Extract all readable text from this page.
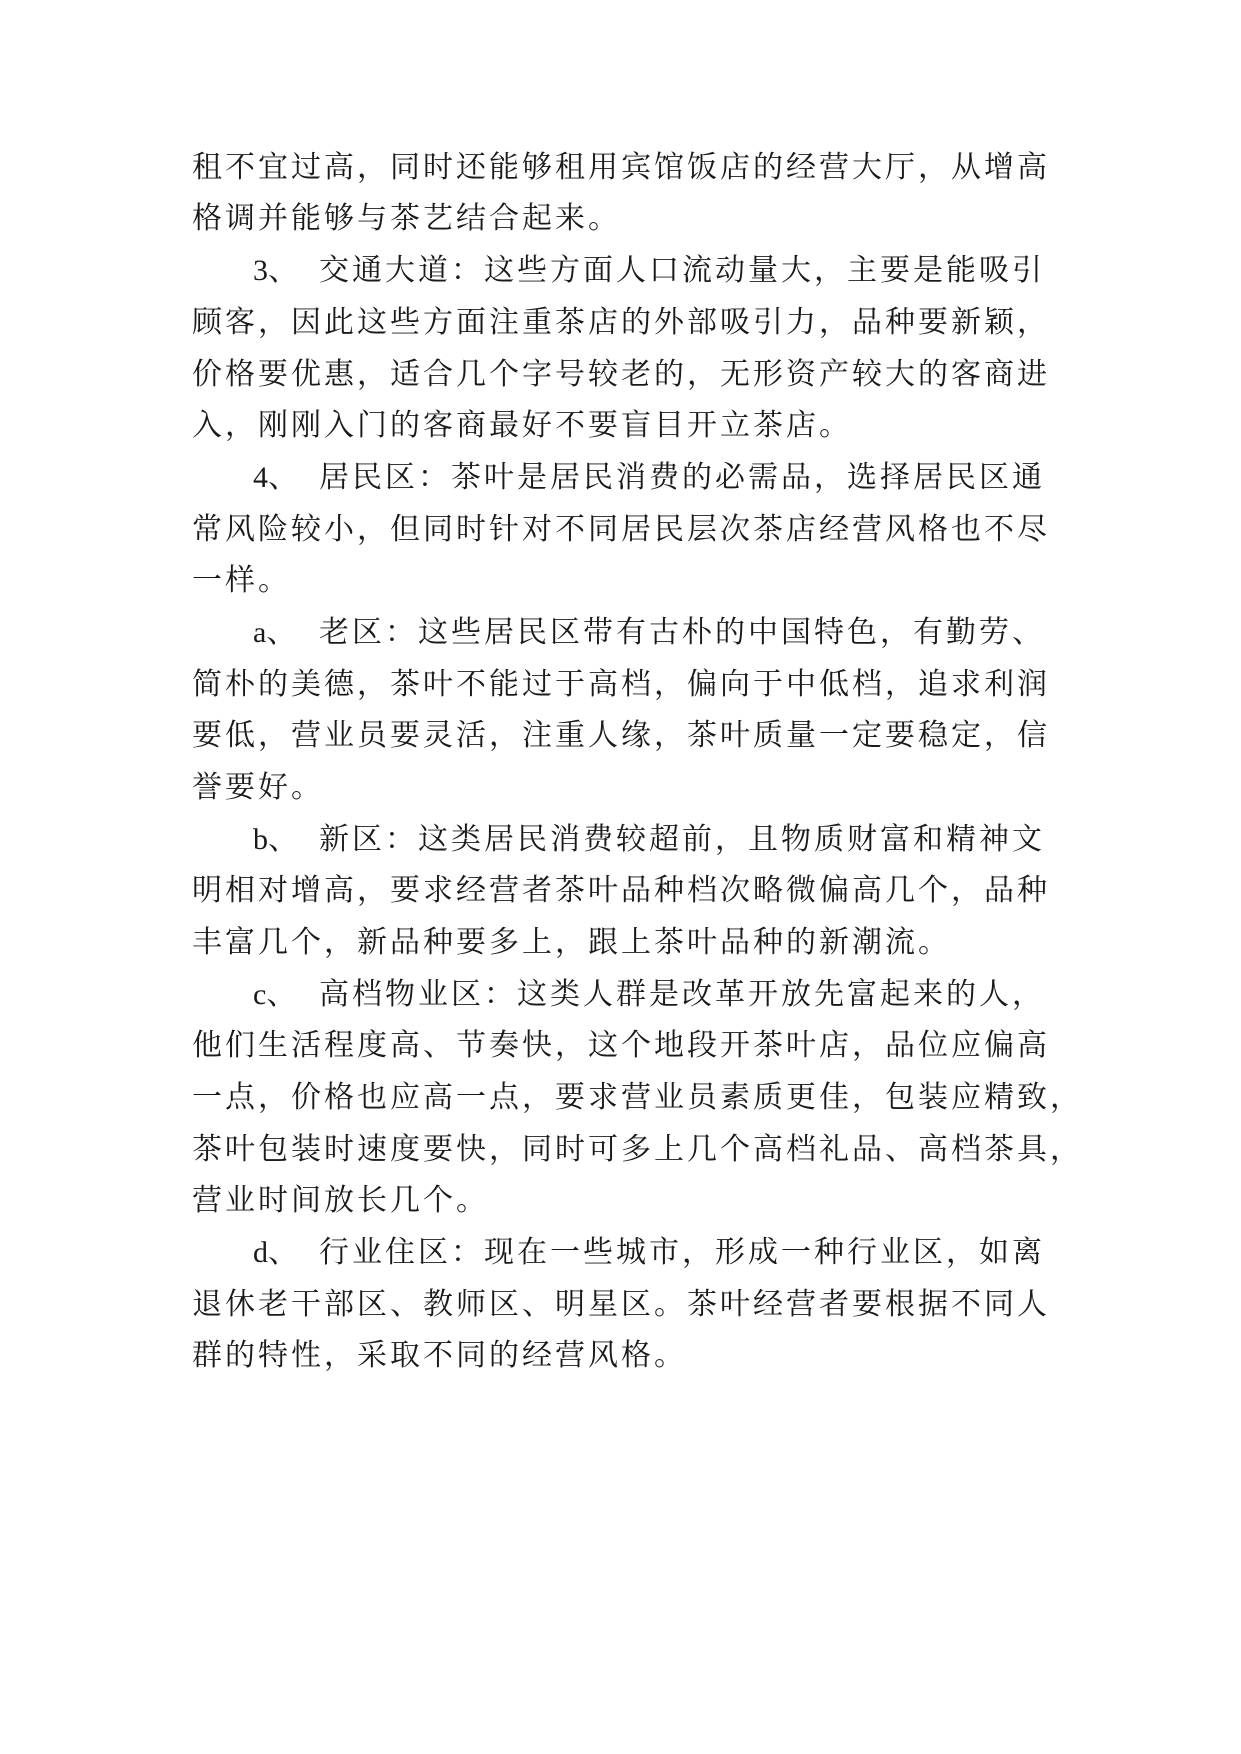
租不宜过高，同时还能够租用宾馆饭店的经营大厅，从增高

格调并能够与茶艺结合起来。

3、 交通大道：这些方面人口流动量大，主要是能吸引

顾客，因此这些方面注重茶店的外部吸引力，品种要新颖，

价格要优惠，适合几个字号较老的，无形资产较大的客商进

入，刚刚入门的客商最好不要盲目开立茶店。

4、 居民区：茶叶是居民消费的必需品，选择居民区通

常风险较小，但同时针对不同居民层次茶店经营风格也不尽

一样。

a、 老区：这些居民区带有古朴的中国特色，有勤劳、

简朴的美德，茶叶不能过于高档，偏向于中低档，追求利润

要低，营业员要灵活，注重人缘，茶叶质量一定要稳定，信

誉要好。

b、 新区：这类居民消费较超前，且物质财富和精神文

明相对增高，要求经营者茶叶品种档次略微偏高几个，品种

丰富几个，新品种要多上，跟上茶叶品种的新潮流。

c、 高档物业区：这类人群是改革开放先富起来的人，

他们生活程度高、节奏快，这个地段开茶叶店，品位应偏高

一点，价格也应高一点，要求营业员素质更佳，包装应精致，

茶叶包装时速度要快，同时可多上几个高档礼品、高档茶具，

营业时间放长几个。

d、 行业住区：现在一些城市，形成一种行业区，如离

退休老干部区、教师区、明星区。茶叶经营者要根据不同人

群的特性，采取不同的经营风格。
